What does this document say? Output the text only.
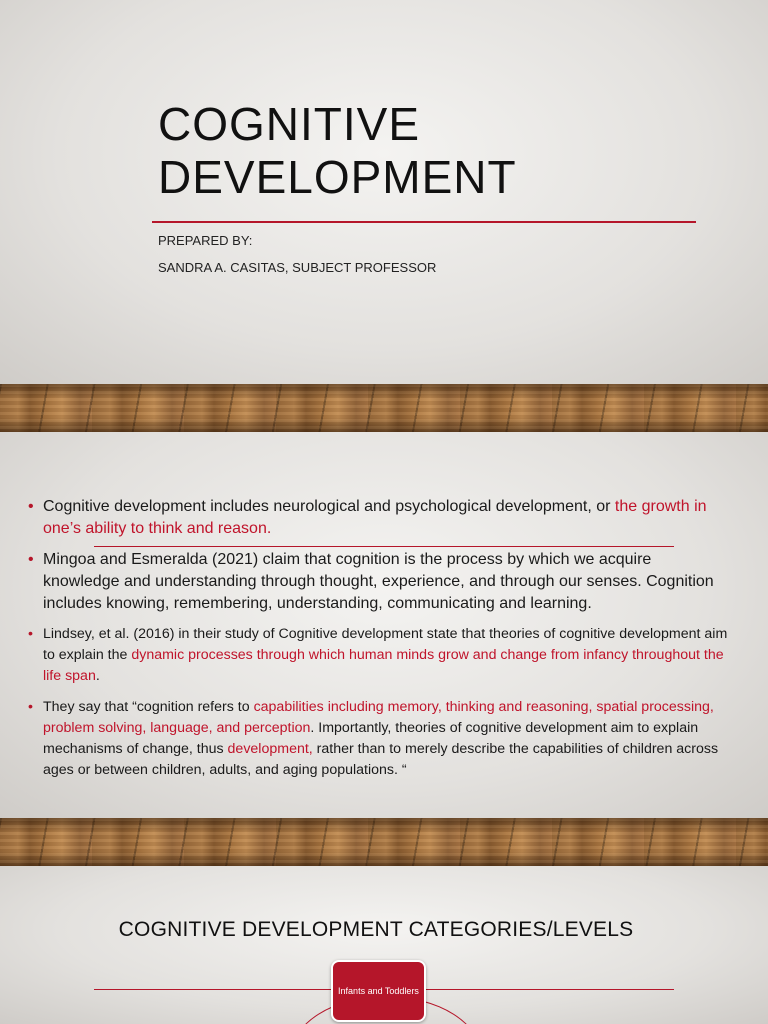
COGNITIVE
DEVELOPMENT
PREPARED BY:
SANDRA A. CASITAS, SUBJECT PROFESSOR
• Cognitive development includes neurological and psychological development, or the growth in one’s ability to think and reason.
• Mingoa and Esmeralda (2021) claim that cognition is the process by which we acquire knowledge and understanding through thought, experience, and through our senses. Cognition includes knowing, remembering, understanding, communicating and learning.
• Lindsey, et al. (2016) in their study of Cognitive development state that theories of cognitive development aim to explain the dynamic processes through which human minds grow and change from infancy throughout the life span.
• They say that “cognition refers to capabilities including memory, thinking and reasoning, spatial processing, problem solving, language, and perception. Importantly, theories of cognitive development aim to explain mechanisms of change, thus development, rather than to merely describe the capabilities of children across ages or between children, adults, and aging populations. “
COGNITIVE DEVELOPMENT CATEGORIES/LEVELS
Infants and Toddlers
